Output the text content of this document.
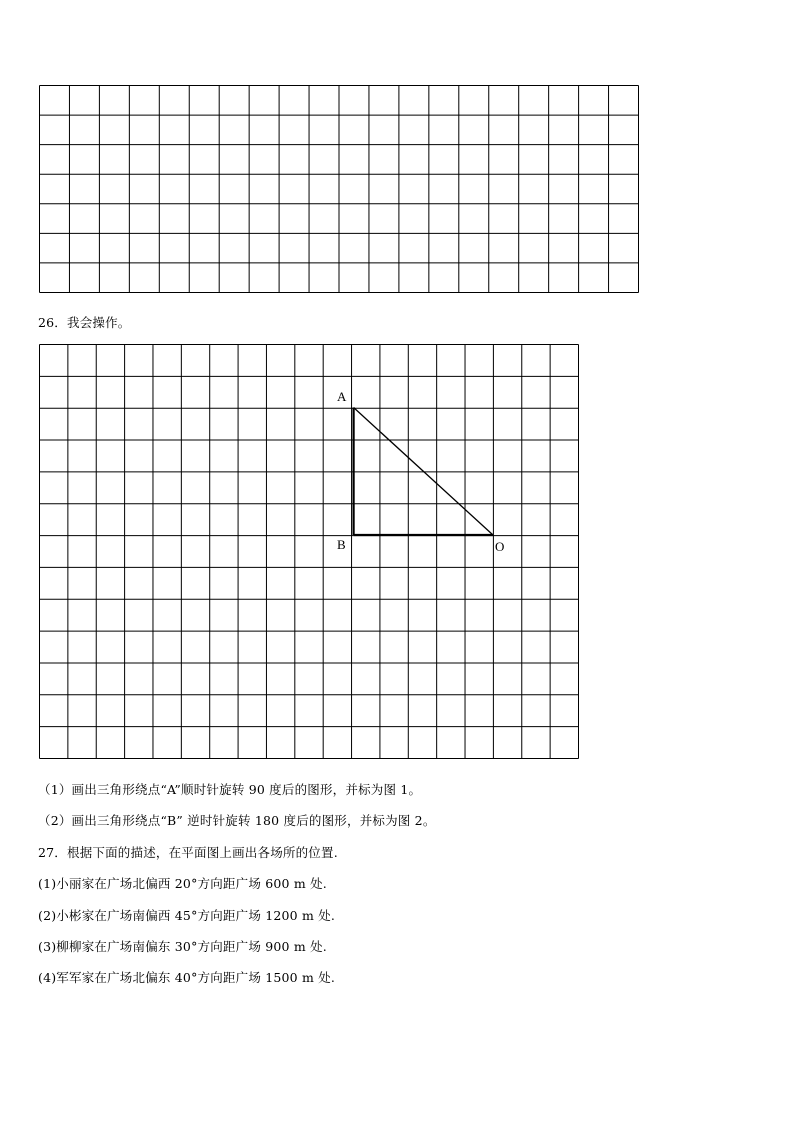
26．我会操作。
A
B	O
（1）画出三角形绕点“A”顺时针旋转 90 度后的图形，并标为图 1。
（2）画出三角形绕点“B” 逆时针旋转 180 度后的图形，并标为图 2。
27．根据下面的描述，在平面图上画出各场所的位置.
(1)小丽家在广场北偏西 20°方向距广场 600 m 处.
(2)小彬家在广场南偏西 45°方向距广场 1200 m 处.
(3)柳柳家在广场南偏东 30°方向距广场 900 m 处.
(4)军军家在广场北偏东 40°方向距广场 1500 m 处.
